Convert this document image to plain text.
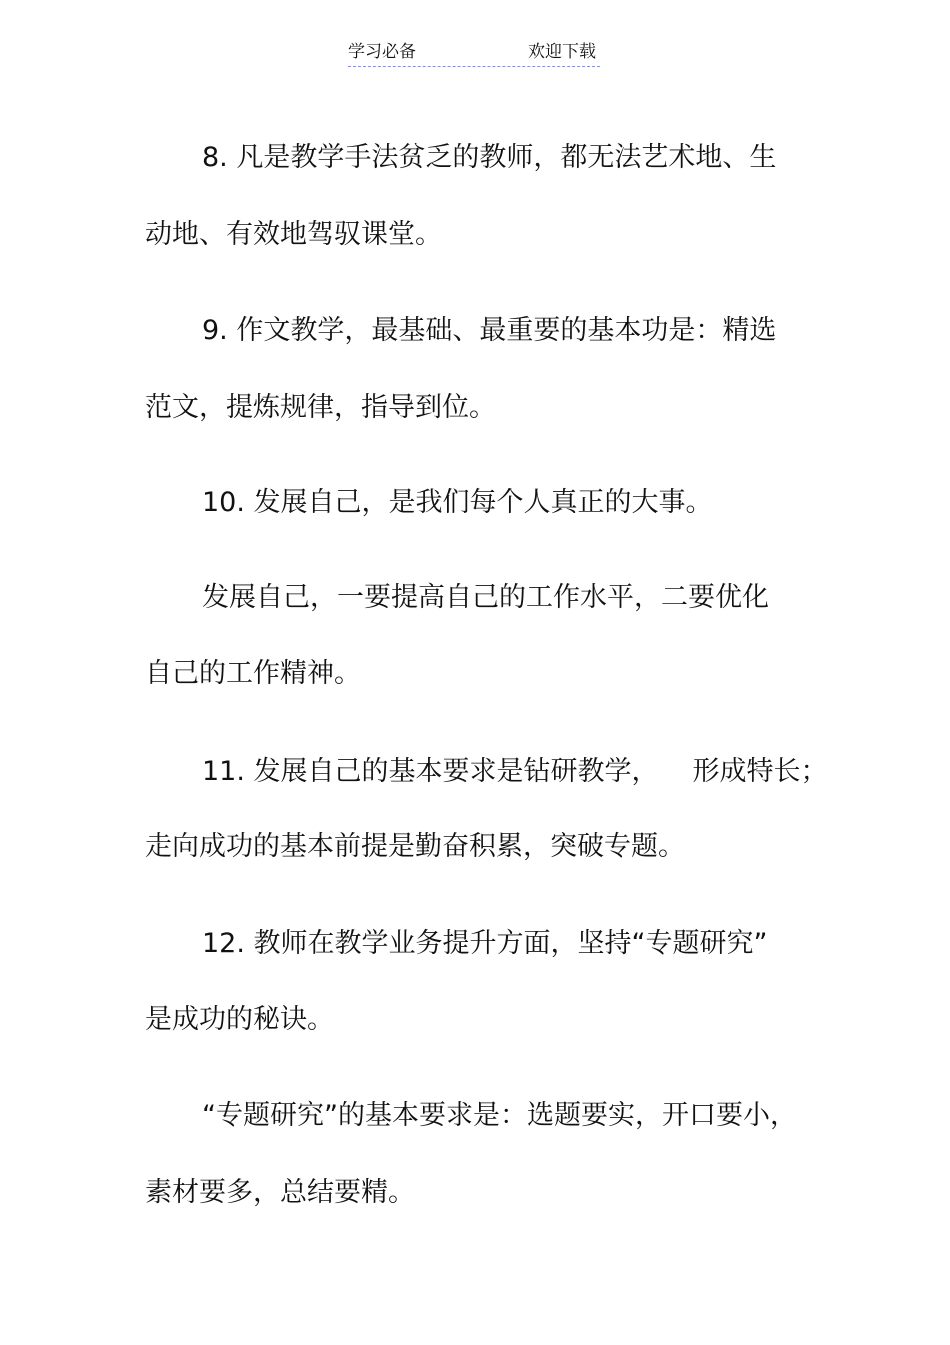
学习必备	欢迎下载
8. 凡是教学手法贫乏的教师，都无法艺术地、生
动地、有效地驾驭课堂。
9. 作文教学，最基础、最重要的基本功是：精选
范文，提炼规律，指导到位。
10. 发展自己，是我们每个人真正的大事。
发展自己，一要提高自己的工作水平，二要优化
自己的工作精神。
11. 发展自己的基本要求是钻研教学， 形成特长；
走向成功的基本前提是勤奋积累，突破专题。
12. 教师在教学业务提升方面，坚持“专题研究”
是成功的秘诀。
“专题研究”的基本要求是：选题要实，开口要小，
素材要多，总结要精。
